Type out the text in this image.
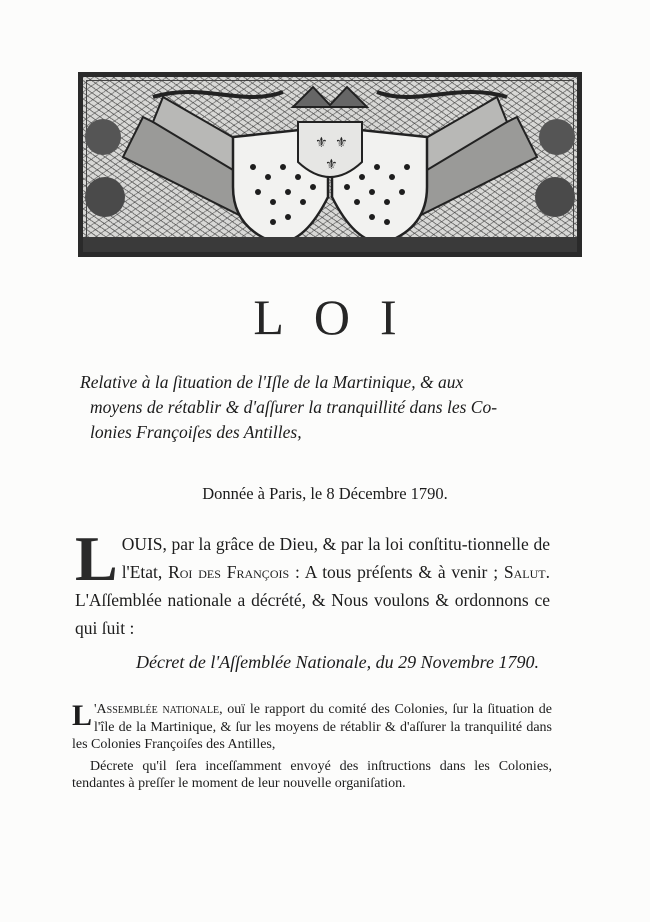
⚜ ⚜
⚜
LOI
Relative à la ſituation de l'Iſle de la Martinique, & aux
moyens de rétablir & d'aſſurer la tranquillité dans les Co-
lonies Françoiſes des Antilles,
Donnée à Paris, le 8 Décembre 1790.
L OUIS, par la grâce de Dieu, & par la loi conſtitu-tionnelle de l'Etat, Roi des François : A tous préſents & à venir ; Salut. L'Aſſemblée nationale a décrété, & Nous voulons & ordonnons ce qui ſuit :
Décret de l'Aſſemblée Nationale, du 29 Novembre 1790.

L 'Assemblée nationale, ouï le rapport du comité des Colonies, ſur la ſituation de l'île de la Martinique, & ſur les moyens de rétablir & d'aſſurer la tranquilité dans les Colonies Françoiſes des Antilles,

Décrete qu'il ſera inceſſamment envoyé des inſtructions dans les Colonies, tendantes à preſſer le moment de leur nouvelle organiſation.
